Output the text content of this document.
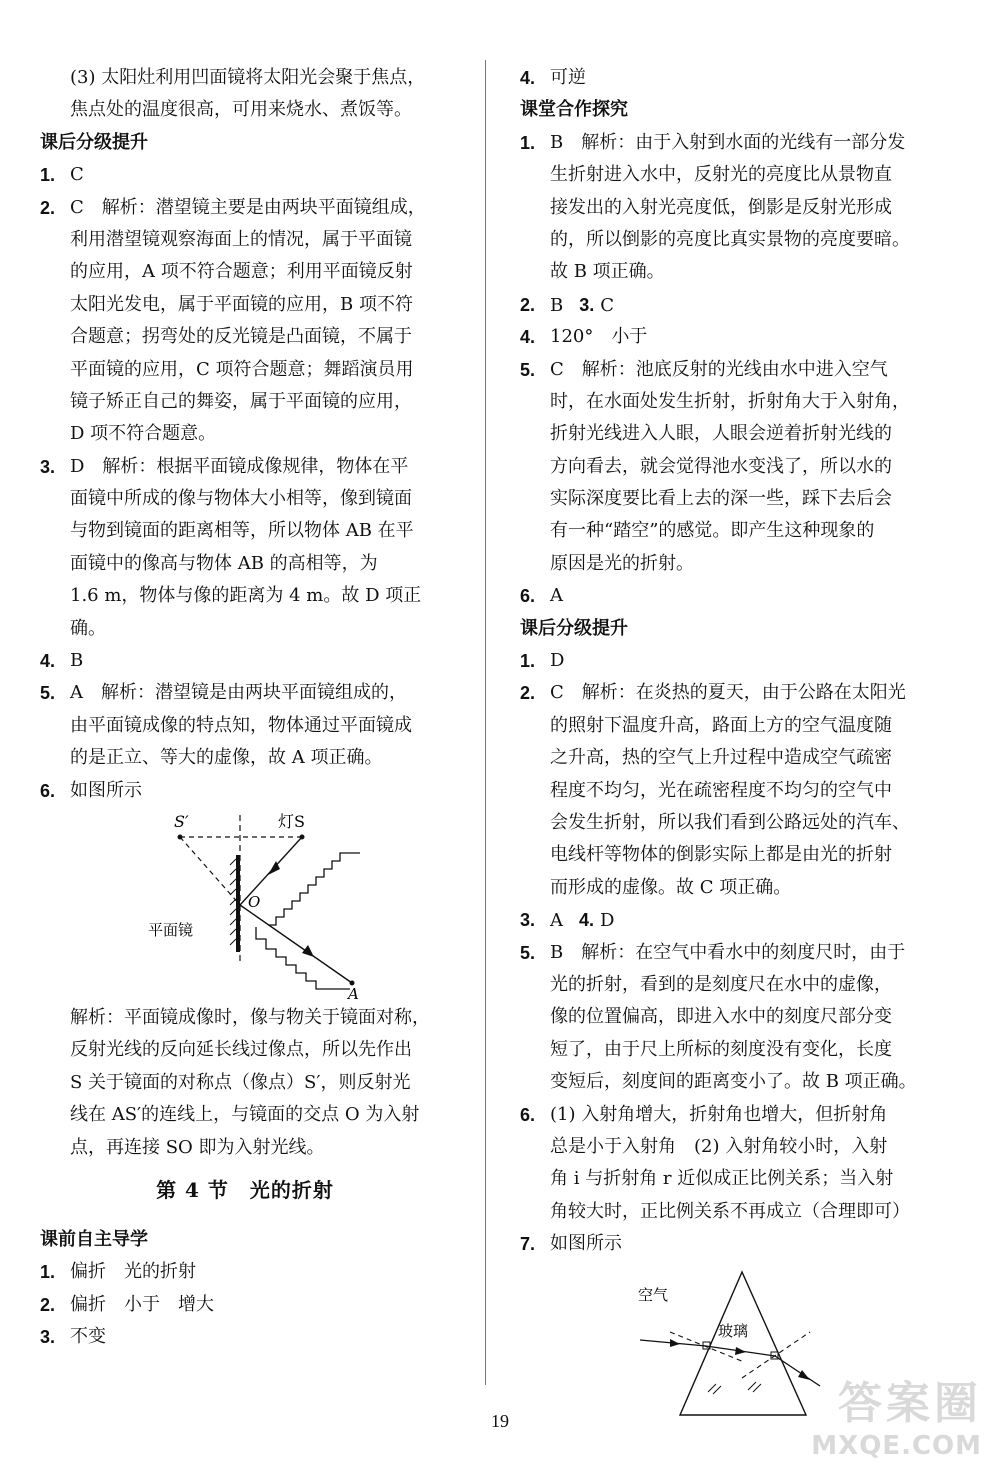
(3) 太阳灶利用凹面镜将太阳光会聚于焦点，
焦点处的温度很高，可用来烧水、煮饭等。
课后分级提升
1. C
2. C　解析：潜望镜主要是由两块平面镜组成，
利用潜望镜观察海面上的情况，属于平面镜
的应用，A 项不符合题意；利用平面镜反射
太阳光发电，属于平面镜的应用，B 项不符
合题意；拐弯处的反光镜是凸面镜，不属于
平面镜的应用，C 项符合题意；舞蹈演员用
镜子矫正自己的舞姿，属于平面镜的应用，
D 项不符合题意。
3. D　解析：根据平面镜成像规律，物体在平
面镜中所成的像与物体大小相等，像到镜面
与物到镜面的距离相等，所以物体 AB 在平
面镜中的像高与物体 AB 的高相等，为
1.6 m，物体与像的距离为 4 m。故 D 项正
确。
4. B
5. A　解析：潜望镜是由两块平面镜组成的，
由平面镜成像的特点知，物体通过平面镜成
的是正立、等大的虚像，故 A 项正确。
6. 如图所示
S′	灯S
O
平面镜
A
解析：平面镜成像时，像与物关于镜面对称，
反射光线的反向延长线过像点，所以先作出
S 关于镜面的对称点（像点）S′，则反射光
线在 AS′的连线上，与镜面的交点 O 为入射
点，再连接 SO 即为入射光线。
第 4 节　光的折射
课前自主导学
1. 偏折　光的折射
2. 偏折　小于　增大
3. 不变
4. 可逆
课堂合作探究
1. B　解析：由于入射到水面的光线有一部分发
生折射进入水中，反射光的亮度比从景物直
接发出的入射光亮度低，倒影是反射光形成
的，所以倒影的亮度比真实景物的亮度要暗。
故 B 项正确。
2. B 3. C
4. 120°　小于
5. C　解析：池底反射的光线由水中进入空气
时，在水面处发生折射，折射角大于入射角，
折射光线进入人眼，人眼会逆着折射光线的
方向看去，就会觉得池水变浅了，所以水的
实际深度要比看上去的深一些，踩下去后会
有一种“踏空”的感觉。即产生这种现象的
原因是光的折射。
6. A
课后分级提升
1. D
2. C　解析：在炎热的夏天，由于公路在太阳光
的照射下温度升高，路面上方的空气温度随
之升高，热的空气上升过程中造成空气疏密
程度不均匀，光在疏密程度不均匀的空气中
会发生折射，所以我们看到公路远处的汽车、
电线杆等物体的倒影实际上都是由光的折射
而形成的虚像。故 C 项正确。
3. A 4. D
5. B　解析：在空气中看水中的刻度尺时，由于
光的折射，看到的是刻度尺在水中的虚像，
像的位置偏高，即进入水中的刻度尺部分变
短了，由于尺上所标的刻度没有变化，长度
变短后，刻度间的距离变小了。故 B 项正确。
6. (1) 入射角增大，折射角也增大，但折射角
总是小于入射角　(2) 入射角较小时，入射
角 i 与折射角 r 近似成正比例关系；当入射
角较大时，正比例关系不再成立（合理即可）
7. 如图所示
空气
玻璃
19	答案圈
MXQE.COM
